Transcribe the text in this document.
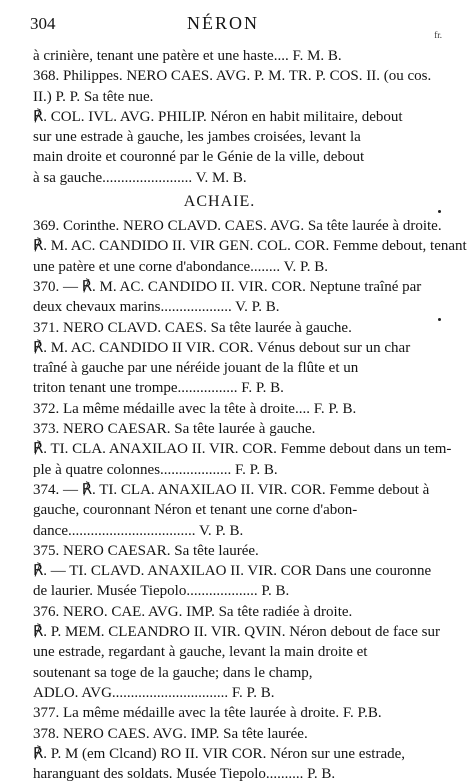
304	NÉRON
fr.
à crinière, tenant une patère et une haste.... F. M. B.
368. Philippes. NERO CAES. AVG. P. M. TR. P. COS. II. (ou cos.
II.) P. P. Sa tête nue.
℟. COL. IVL. AVG. PHILIP. Néron en habit militaire, debout
sur une estrade à gauche, les jambes croisées, levant la
main droite et couronné par le Génie de la ville, debout
à sa gauche........................ V. M. B.
ACHAIE.
369. Corinthe. NERO CLAVD. CAES. AVG. Sa tête laurée à droite.
℟. M. AC. CANDIDO II. VIR GEN. COL. COR. Femme debout, tenant
une patère et une corne d'abondance........ V. P. B.
370. — ℟. M. AC. CANDIDO II. VIR. COR. Neptune traîné par
deux chevaux marins................... V. P. B.
371. NERO CLAVD. CAES. Sa tête laurée à gauche.
℟. M. AC. CANDIDO II VIR. COR. Vénus debout sur un char
traîné à gauche par une néréide jouant de la flûte et un
triton tenant une trompe................ F. P. B.
372. La même médaille avec la tête à droite.... F. P. B.
373. NERO CAESAR. Sa tête laurée à gauche.
℟. TI. CLA. ANAXILAO II. VIR. COR. Femme debout dans un tem-
ple à quatre colonnes................... F. P. B.
374. — ℟. TI. CLA. ANAXILAO II. VIR. COR. Femme debout à
gauche, couronnant Néron et tenant une corne d'abon-
dance.................................. V. P. B.
375. NERO CAESAR. Sa tête laurée.
℟. — TI. CLAVD. ANAXILAO II. VIR. COR Dans une couronne
de laurier. Musée Tiepolo................... P. B.
376. NERO. CAE. AVG. IMP. Sa tête radiée à droite.
℟. P. MEM. CLEANDRO II. VIR. QVIN. Néron debout de face sur
une estrade, regardant à gauche, levant la main droite et
soutenant sa toge de la gauche; dans le champ,
ADLO. AVG............................... F. P. B.
377. La même médaille avec la tête laurée à droite. F. P.B.
378. NERO CAES. AVG. IMP. Sa tête laurée.
℟. P. M (em Clcand) RO II. VIR COR. Néron sur une estrade,
haranguant des soldats. Musée Tiepolo.......... P. B.
